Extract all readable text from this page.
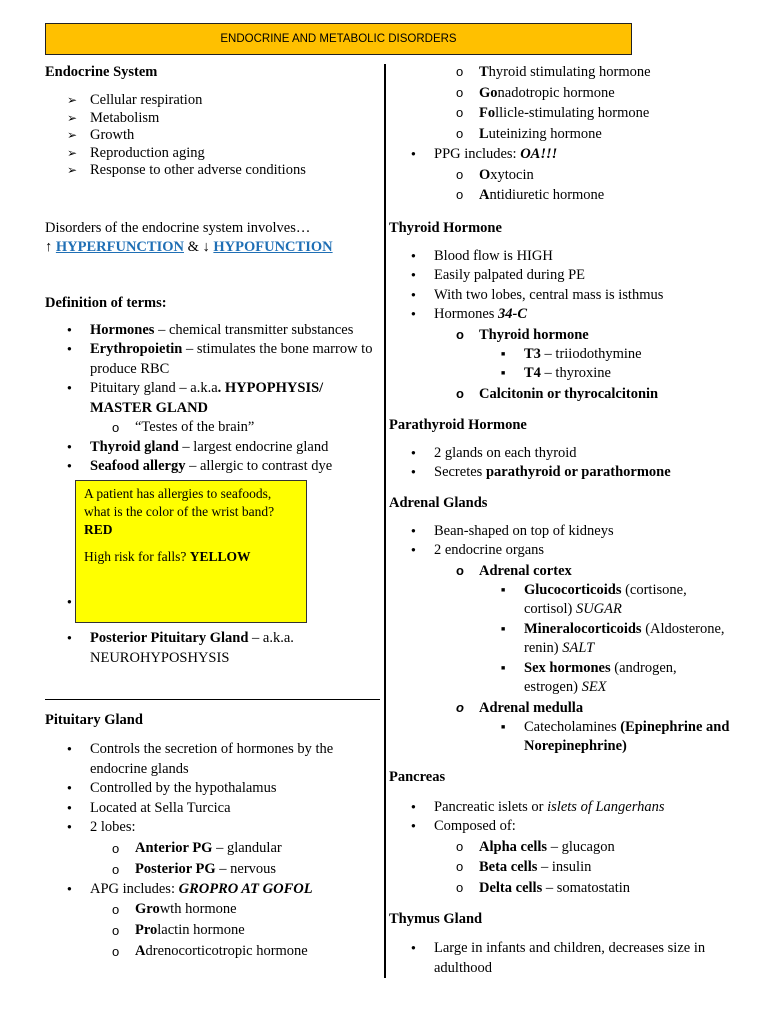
ENDOCRINE AND METABOLIC DISORDERS

Endocrine System

➢ Cellular respiration
➢ Metabolism
➢ Growth
➢ Reproduction aging
➢ Response to other adverse conditions
Disorders of the endocrine system involves…
↑ HYPERFUNCTION & ↓ HYPOFUNCTION

Definition of terms:

●
Hormones – chemical transmitter substances
●
Erythropoietin – stimulates the bone marrow to produce RBC
●
Pituitary gland – a.k.a. HYPOPHYSIS/ MASTER GLAND
o “Testes of the brain”
●
Thyroid gland – largest endocrine gland
●
Seafood allergy – allergic to contrast dye
●
●
Posterior Pituitary Gland – a.k.a. NEUROHYPOSHYSIS

A patient has allergies to seafoods, what is the color of the wrist band?

RED

High risk for falls? YELLOW

Pituitary Gland

●
Controls the secretion of hormones by the endocrine glands
●
Controlled by the hypothalamus
●
Located at Sella Turcica
●
2 lobes:
o Anterior PG – glandular
o Posterior PG – nervous
●
APG includes: GROPRO AT GOFOL
o Growth hormone
o Prolactin hormone
o Adrenocorticotropic hormone
o Thyroid stimulating hormone
o Gonadotropic hormone
o Follicle-stimulating hormone
o Luteinizing hormone
●
PPG includes: OA!!!
o Oxytocin
o Antidiuretic hormone

Thyroid Hormone

●
Blood flow is HIGH
●
Easily palpated during PE
●
With two lobes, central mass is isthmus
●
Hormones 34-C
o Thyroid hormone
■
T3 – triiodothymine
■
T4 – thyroxine
o Calcitonin or thyrocalcitonin

Parathyroid Hormone

●
2 glands on each thyroid
●
Secretes parathyroid or parathormone

Adrenal Glands

●
Bean-shaped on top of kidneys
●
2 endocrine organs
o Adrenal cortex
■
Glucocorticoids (cortisone, cortisol) SUGAR
■
Mineralocorticoids (Aldosterone, renin) SALT
■
Sex hormones (androgen, estrogen) SEX
o Adrenal medulla
■
Catecholamines (Epinephrine and Norepinephrine)

Pancreas

●
Pancreatic islets or islets of Langerhans
●
Composed of:
o Alpha cells – glucagon
o Beta cells – insulin
o Delta cells – somatostatin

Thymus Gland

●
Large in infants and children, decreases size in adulthood
